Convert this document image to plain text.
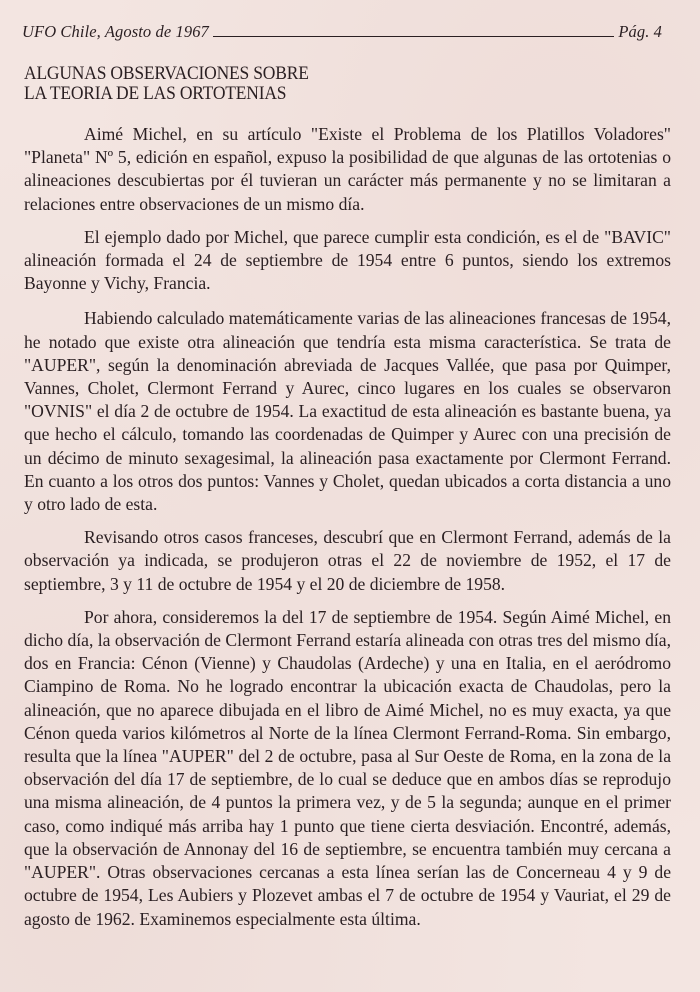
UFO Chile, Agosto de 1967	Pág. 4
ALGUNAS OBSERVACIONES SOBRE
LA TEORIA DE LAS ORTOTENIAS

Aimé Michel, en su artículo "Existe el Problema de los Platillos Voladores" "Planeta" Nº 5, edición en español, expuso la posibilidad de que algunas de las ortotenias o alineaciones descubiertas por él tuvieran un carácter más permanente y no se limitaran a relaciones entre observaciones de un mismo día.

El ejemplo dado por Michel, que parece cumplir esta condición, es el de "BAVIC" alineación formada el 24 de septiembre de 1954 entre 6 puntos, siendo los extremos Bayonne y Vichy, Francia.

Habiendo calculado matemáticamente varias de las alineaciones francesas de 1954, he notado que existe otra alineación que tendría esta misma característica. Se trata de "AUPER", según la denominación abreviada de Jacques Vallée, que pasa por Quimper, Vannes, Cholet, Clermont Ferrand y Aurec, cinco lugares en los cuales se observaron "OVNIS" el día 2 de octubre de 1954. La exactitud de esta alineación es bastante buena, ya que hecho el cálculo, tomando las coordenadas de Quimper y Aurec con una precisión de un décimo de minuto sexagesimal, la alineación pasa exactamente por Clermont Ferrand. En cuanto a los otros dos puntos: Vannes y Cholet, quedan ubicados a corta distancia a uno y otro lado de esta.

Revisando otros casos franceses, descubrí que en Clermont Ferrand, además de la observación ya indicada, se produjeron otras el 22 de noviembre de 1952, el 17 de septiembre, 3 y 11 de octubre de 1954 y el 20 de diciembre de 1958.

Por ahora, consideremos la del 17 de septiembre de 1954. Según Aimé Michel, en dicho día, la observación de Clermont Ferrand estaría alineada con otras tres del mismo día, dos en Francia: Cénon (Vienne) y Chaudolas (Ardeche) y una en Italia, en el aeródromo Ciampino de Roma. No he logrado encontrar la ubicación exacta de Chaudolas, pero la alineación, que no aparece dibujada en el libro de Aimé Michel, no es muy exacta, ya que Cénon queda varios kilómetros al Norte de la línea Clermont Ferrand-Roma. Sin embargo, resulta que la línea "AUPER" del 2 de octubre, pasa al Sur Oeste de Roma, en la zona de la observación del día 17 de septiembre, de lo cual se deduce que en ambos días se reprodujo una misma alineación, de 4 puntos la primera vez, y de 5 la segunda; aunque en el primer caso, como indiqué más arriba hay 1 punto que tiene cierta desviación. Encontré, además, que la observación de Annonay del 16 de septiembre, se encuentra también muy cercana a "AUPER". Otras observaciones cercanas a esta línea serían las de Concerneau 4 y 9 de octubre de 1954, Les Aubiers y Plozevet ambas el 7 de octubre de 1954 y Vauriat, el 29 de agosto de 1962. Examinemos especialmente esta última.
